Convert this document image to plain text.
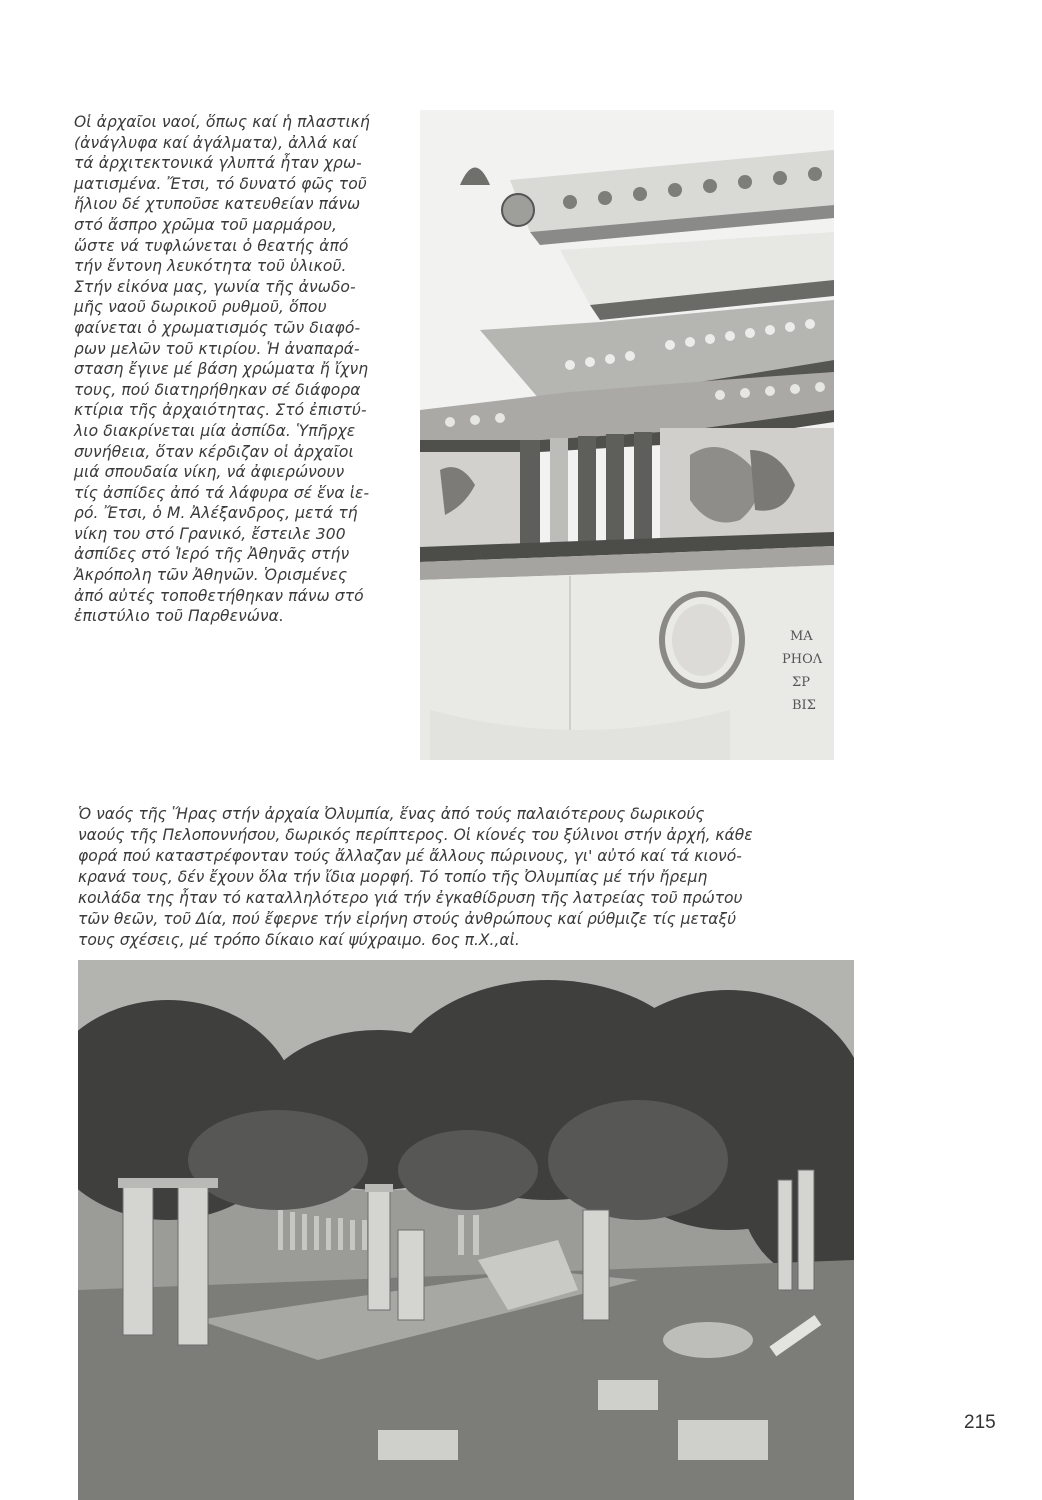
Οἱ ἀρχαῖοι ναοί, ὅπως καί ἡ πλαστική
(ἀνάγλυφα καί ἀγάλματα), ἀλλά καί
τά ἀρχιτεκτονικά γλυπτά ἦταν χρω-
ματισμένα. Ἔτσι, τό δυνατό φῶς τοῦ
ἥλιου δέ χτυποῦσε κατευθείαν πάνω
στό ἄσπρο χρῶμα τοῦ μαρμάρου,
ὥστε νά τυφλώνεται ὁ θεατής ἀπό
τήν ἔντονη λευκότητα τοῦ ὑλικοῦ.
Στήν εἰκόνα μας, γωνία τῆς ἀνωδο-
μῆς ναοῦ δωρικοῦ ρυθμοῦ, ὅπου
φαίνεται ὁ χρωματισμός τῶν διαφό-
ρων μελῶν τοῦ κτιρίου. Ἡ ἀναπαρά-
σταση ἔγινε μέ βάση χρώματα ἤ ἴχνη
τους, πού διατηρήθηκαν σέ διάφορα
κτίρια τῆς ἀρχαιότητας. Στό ἐπιστύ-
λιο διακρίνεται μία ἀσπίδα. Ὑπῆρχε
συνήθεια, ὅταν κέρδιζαν οἱ ἀρχαῖοι
μιά σπουδαία νίκη, νά ἀφιερώνουν
τίς ἀσπίδες ἀπό τά λάφυρα σέ ἕνα ἱε-
ρό. Ἔτσι, ὁ Μ. Ἀλέξανδρος, μετά τή
νίκη του στό Γρανικό, ἔστειλε 300
ἀσπίδες στό Ἱερό τῆς Ἀθηνᾶς στήν
Ἀκρόπολη τῶν Ἀθηνῶν. Ὁρισμένες
ἀπό αὐτές τοποθετήθηκαν πάνω στό
ἐπιστύλιο τοῦ Παρθενώνα.
ΜΑ
ΡΗΟΛ
ΣΡ
ΒΙΣ
Ὁ ναός τῆς Ἥρας στήν ἀρχαία Ὀλυμπία, ἕνας ἀπό τούς παλαιότερους δωρικούς
ναούς τῆς Πελοποννήσου, δωρικός περίπτερος. Οἱ κίονές του ξύλινοι στήν ἀρχή, κάθε
φορά πού καταστρέφονταν τούς ἄλλαζαν μέ ἄλλους πώρινους, γι' αὐτό καί τά κιονό-
κρανά τους, δέν ἔχουν ὅλα τήν ἴδια μορφή. Τό τοπίο τῆς Ὀλυμπίας μέ τήν ἤρεμη
κοιλάδα της ἦταν τό καταλληλότερο γιά τήν ἐγκαθίδρυση τῆς λατρείας τοῦ πρώτου
τῶν θεῶν, τοῦ Δία, πού ἔφερνε τήν εἰρήνη στούς ἀνθρώπους καί ρύθμιζε τίς μεταξύ
τους σχέσεις, μέ τρόπο δίκαιο καί ψύχραιμο. 6ος π.Χ.,αἰ.
215
